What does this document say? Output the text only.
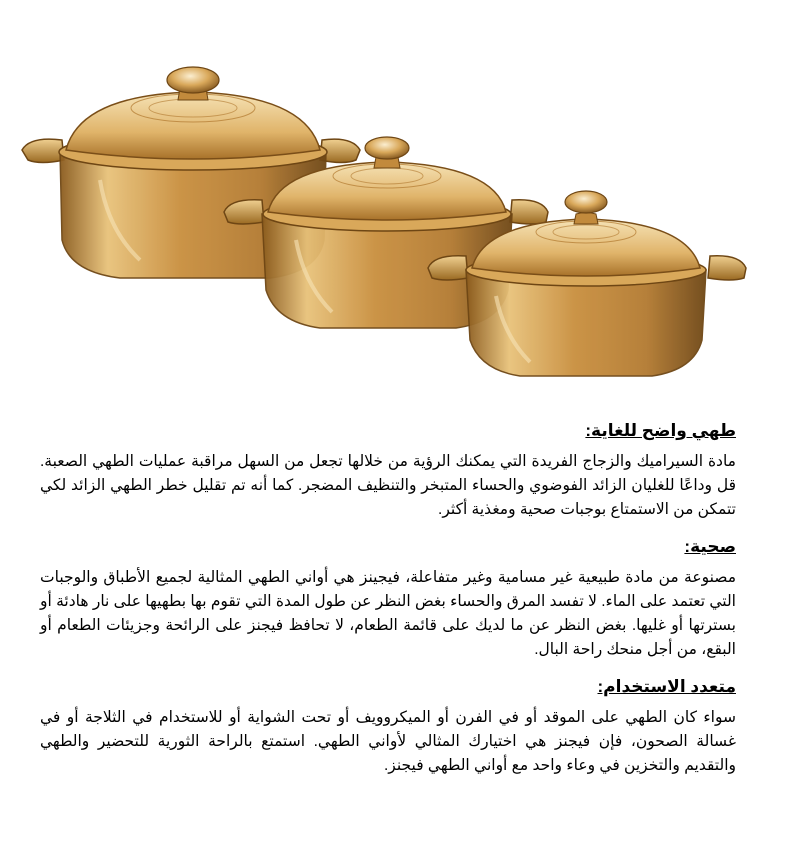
طهي واضح للغاية:

مادة السيراميك والزجاج الفريدة التي يمكنك الرؤية من خلالها تجعل من السهل مراقبة عمليات الطهي الصعبة. قل وداعًا للغليان الزائد الفوضوي والحساء المتبخر والتنظيف المضجر. كما أنه تم تقليل خطر الطهي الزائد لكي تتمكن من الاستمتاع بوجبات صحية ومغذية أكثر.

صحية:

مصنوعة من مادة طبيعية غير مسامية وغير متفاعلة، فيجينز هي أواني الطهي المثالية لجميع الأطباق والوجبات التي تعتمد على الماء. لا تفسد المرق والحساء بغض النظر عن طول المدة التي تقوم بها بطهيها على نار هادئة أو بسترتها أو غليها. بغض النظر عن ما لديك على قائمة الطعام، لا تحافظ فيجنز على الرائحة وجزيئات الطعام أو البقع، من أجل منحك راحة البال.

متعدد الاستخدام:

سواء كان الطهي على الموقد أو في الفرن أو الميكروويف أو تحت الشواية أو للاستخدام في الثلاجة أو في غسالة الصحون، فإن فيجنز هي اختيارك المثالي لأواني الطهي. استمتع بالراحة الثورية للتحضير والطهي والتقديم والتخزين في وعاء واحد مع أواني الطهي فيجنز.
